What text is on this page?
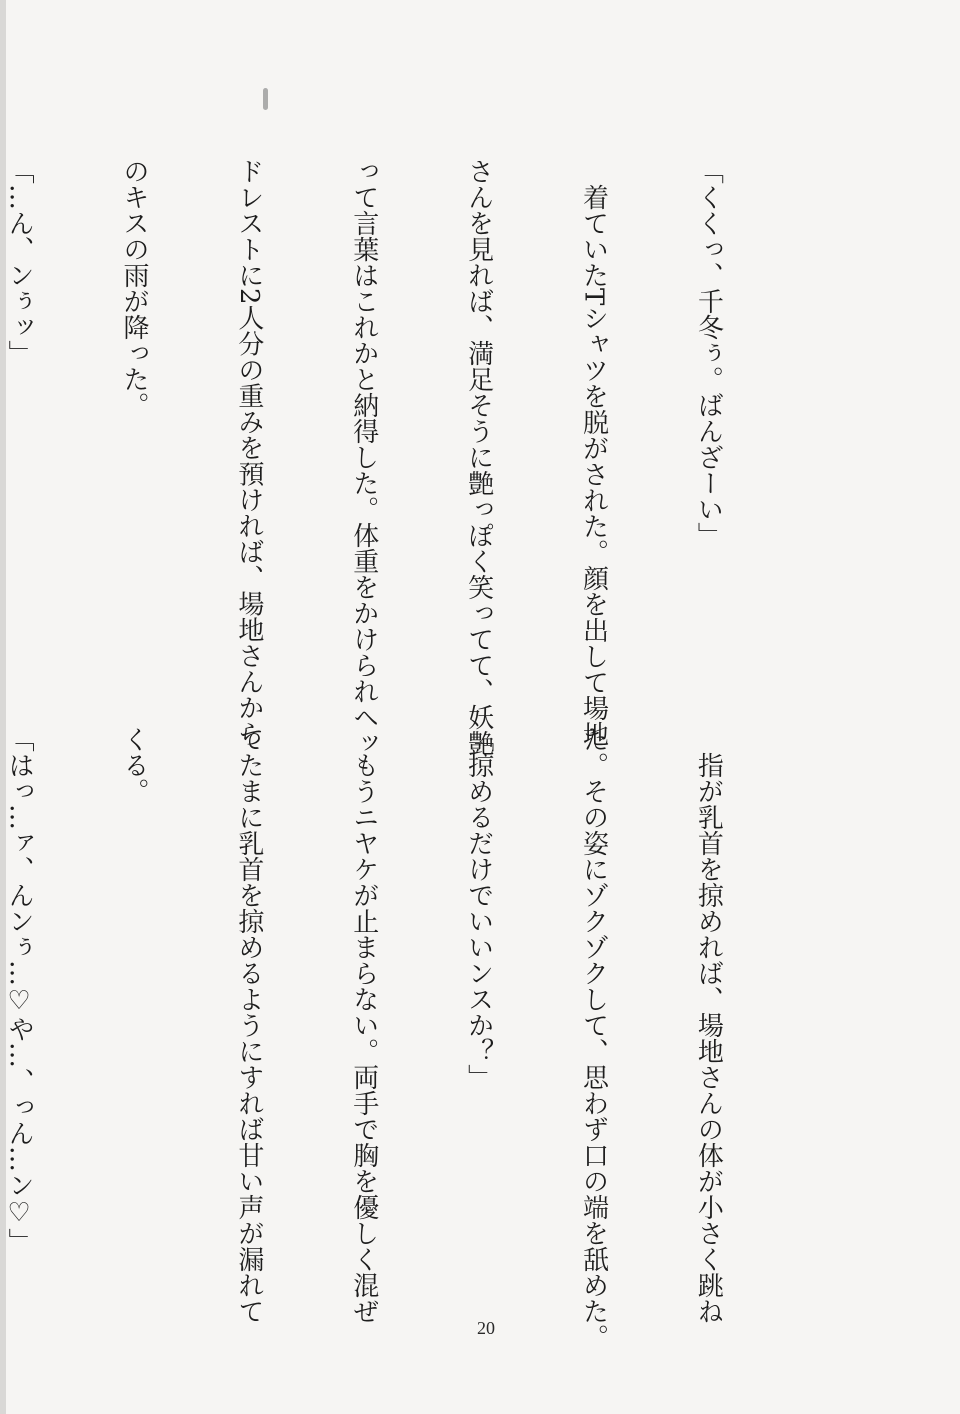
「くくっ、千冬ぅ。ばんざーい」

　着ていたTシャツを脱がされた。顔を出して場地

さんを見れば、満足そうに艶っぽく笑ってて、妖艶

って言葉はこれかと納得した。体重をかけられヘッ

ドレストに2人分の重みを預ければ、場地さんから

のキスの雨が降った。

「…ん、ンぅッ」

　指が乳首を掠めれば、場地さんの体が小さく跳ね

た。その姿にゾクゾクして、思わず口の端を舐めた。

「掠めるだけでいいンスか？」

　もうニヤケが止まらない。両手で胸を優しく混ぜ

てたまに乳首を掠めるようにすれば甘い声が漏れて

くる。

「はっ…ァ、んンぅ…♡や…、っん…ン♡」

20
